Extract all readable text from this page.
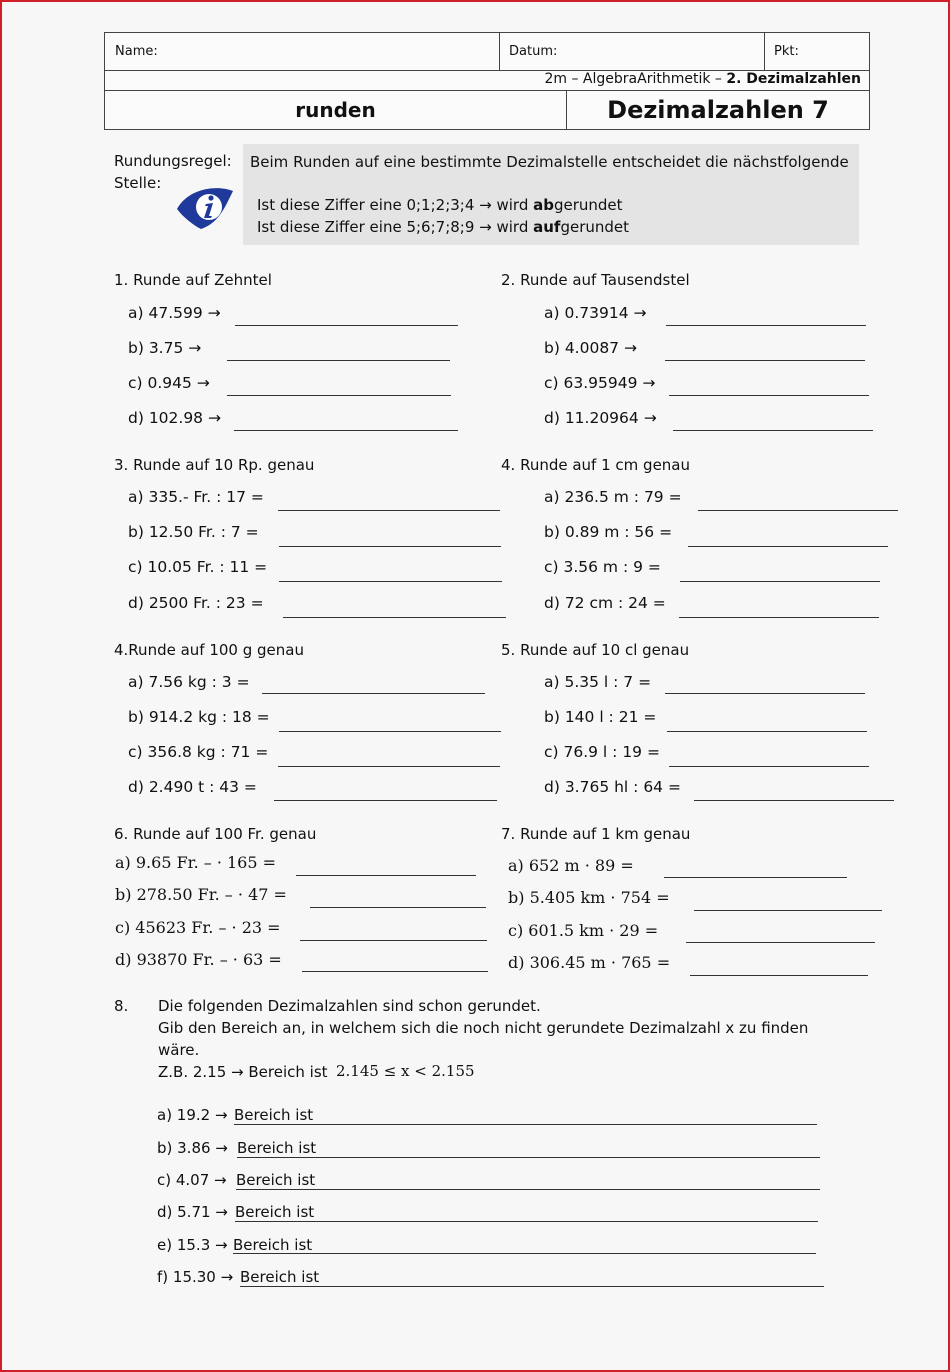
Name:	Datum:	Pkt:
2m – AlgebraArithmetik – 2. Dezimalzahlen
runden	Dezimalzahlen 7
Rundungsregel:
Stelle:
Beim Runden auf eine bestimmte Dezimalstelle entscheidet die nächstfolgende
Ist diese Ziffer eine 0;1;2;3;4 → wird abgerundet
Ist diese Ziffer eine 5;6;7;8;9 → wird aufgerundet
1. Runde auf Zehntel
a) 47.599 →
b) 3.75 →
c) 0.945 →
d) 102.98 →
2. Runde auf Tausendstel
a) 0.73914 →
b) 4.0087 →
c) 63.95949 →
d) 11.20964 →
3. Runde auf 10 Rp. genau
a) 335.- Fr. : 17 =
b) 12.50 Fr. : 7 =
c) 10.05 Fr. : 11 =
d) 2500 Fr. : 23 =
4. Runde auf 1 cm genau
a) 236.5 m : 79 =
b) 0.89 m : 56 =
c) 3.56 m : 9 =
d) 72 cm : 24 =
4.Runde auf 100 g genau
a) 7.56 kg : 3 =
b) 914.2 kg : 18 =
c) 356.8 kg : 71 =
d) 2.490 t : 43 =
5. Runde auf 10 cl genau
a) 5.35 l : 7 =
b) 140 l : 21 =
c) 76.9 l : 19 =
d) 3.765 hl : 64 =
6. Runde auf 100 Fr. genau
a) 9.65 Fr. – · 165 =
b) 278.50 Fr. – · 47 =
c) 45623 Fr. – · 23 =
d) 93870 Fr. – · 63 =
7. Runde auf 1 km genau
a) 652 m · 89 =
b) 5.405 km · 754 =
c) 601.5 km · 29 =
d) 306.45 m · 765 =
8. Die folgenden Dezimalzahlen sind schon gerundet.
Gib den Bereich an, in welchem sich die noch nicht gerundete Dezimalzahl x zu finden
wäre.
Z.B. 2.15 → Bereich ist 2.145 ≤ x < 2.155
a) 19.2 → Bereich ist
b) 3.86 → Bereich ist
c) 4.07 → Bereich ist
d) 5.71 → Bereich ist
e) 15.3 → Bereich ist
f) 15.30 → Bereich ist
